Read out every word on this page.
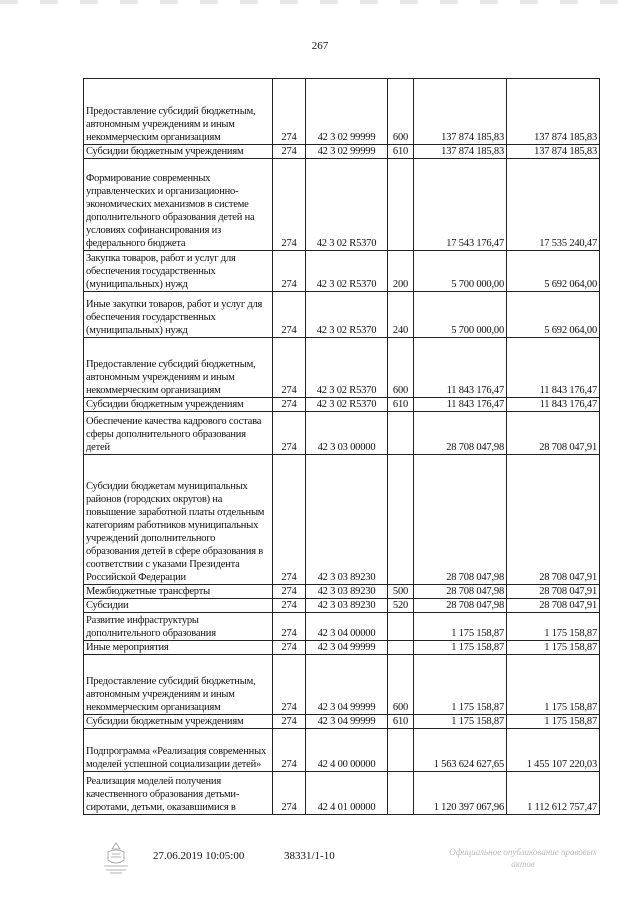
267
Предоставление субсидий бюджетным, автономным учреждениям и иным некоммерческим организациям	274	42 3 02 99999	600	137 874 185,83	137 874 185,83
Субсидии бюджетным учреждениям	274	42 3 02 99999	610	137 874 185,83	137 874 185,83
Формирование современных управленческих и организационно-экономических механизмов в системе дополнительного образования детей на условиях софинансирования из федерального бюджета	274	42 3 02 R5370		17 543 176,47	17 535 240,47
Закупка товаров, работ и услуг для обеспечения государственных (муниципальных) нужд	274	42 3 02 R5370	200	5 700 000,00	5 692 064,00
Иные закупки товаров, работ и услуг для обеспечения государственных (муниципальных) нужд	274	42 3 02 R5370	240	5 700 000,00	5 692 064,00
Предоставление субсидий бюджетным, автономным учреждениям и иным некоммерческим организациям	274	42 3 02 R5370	600	11 843 176,47	11 843 176,47
Субсидии бюджетным учреждениям	274	42 3 02 R5370	610	11 843 176,47	11 843 176,47
Обеспечение качества кадрового состава сферы дополнительного образования детей	274	42 3 03 00000		28 708 047,98	28 708 047,91
Субсидии бюджетам муниципальных районов (городских округов) на повышение заработной платы отдельным категориям работников муниципальных учреждений дополнительного образования детей в сфере образования в соответствии с указами Президента Российской Федерации	274	42 3 03 89230		28 708 047,98	28 708 047,91
Межбюджетные трансферты	274	42 3 03 89230	500	28 708 047,98	28 708 047,91
Субсидии	274	42 3 03 89230	520	28 708 047,98	28 708 047,91
Развитие инфраструктуры дополнительного образования	274	42 3 04 00000		1 175 158,87	1 175 158,87
Иные мероприятия	274	42 3 04 99999		1 175 158,87	1 175 158,87
Предоставление субсидий бюджетным, автономным учреждениям и иным некоммерческим организациям	274	42 3 04 99999	600	1 175 158,87	1 175 158,87
Субсидии бюджетным учреждениям	274	42 3 04 99999	610	1 175 158,87	1 175 158,87
Подпрограмма «Реализация современных моделей успешной социализации детей»	274	42 4 00 00000		1 563 624 627,65	1 455 107 220,03
Реализация моделей получения качественного образования детьми-сиротами, детьми, оказавшимися в	274	42 4 01 00000		1 120 397 067,96	1 112 612 757,47
27.06.2019 10:05:00	38331/1-10	Официальное опубликование правовых актов
